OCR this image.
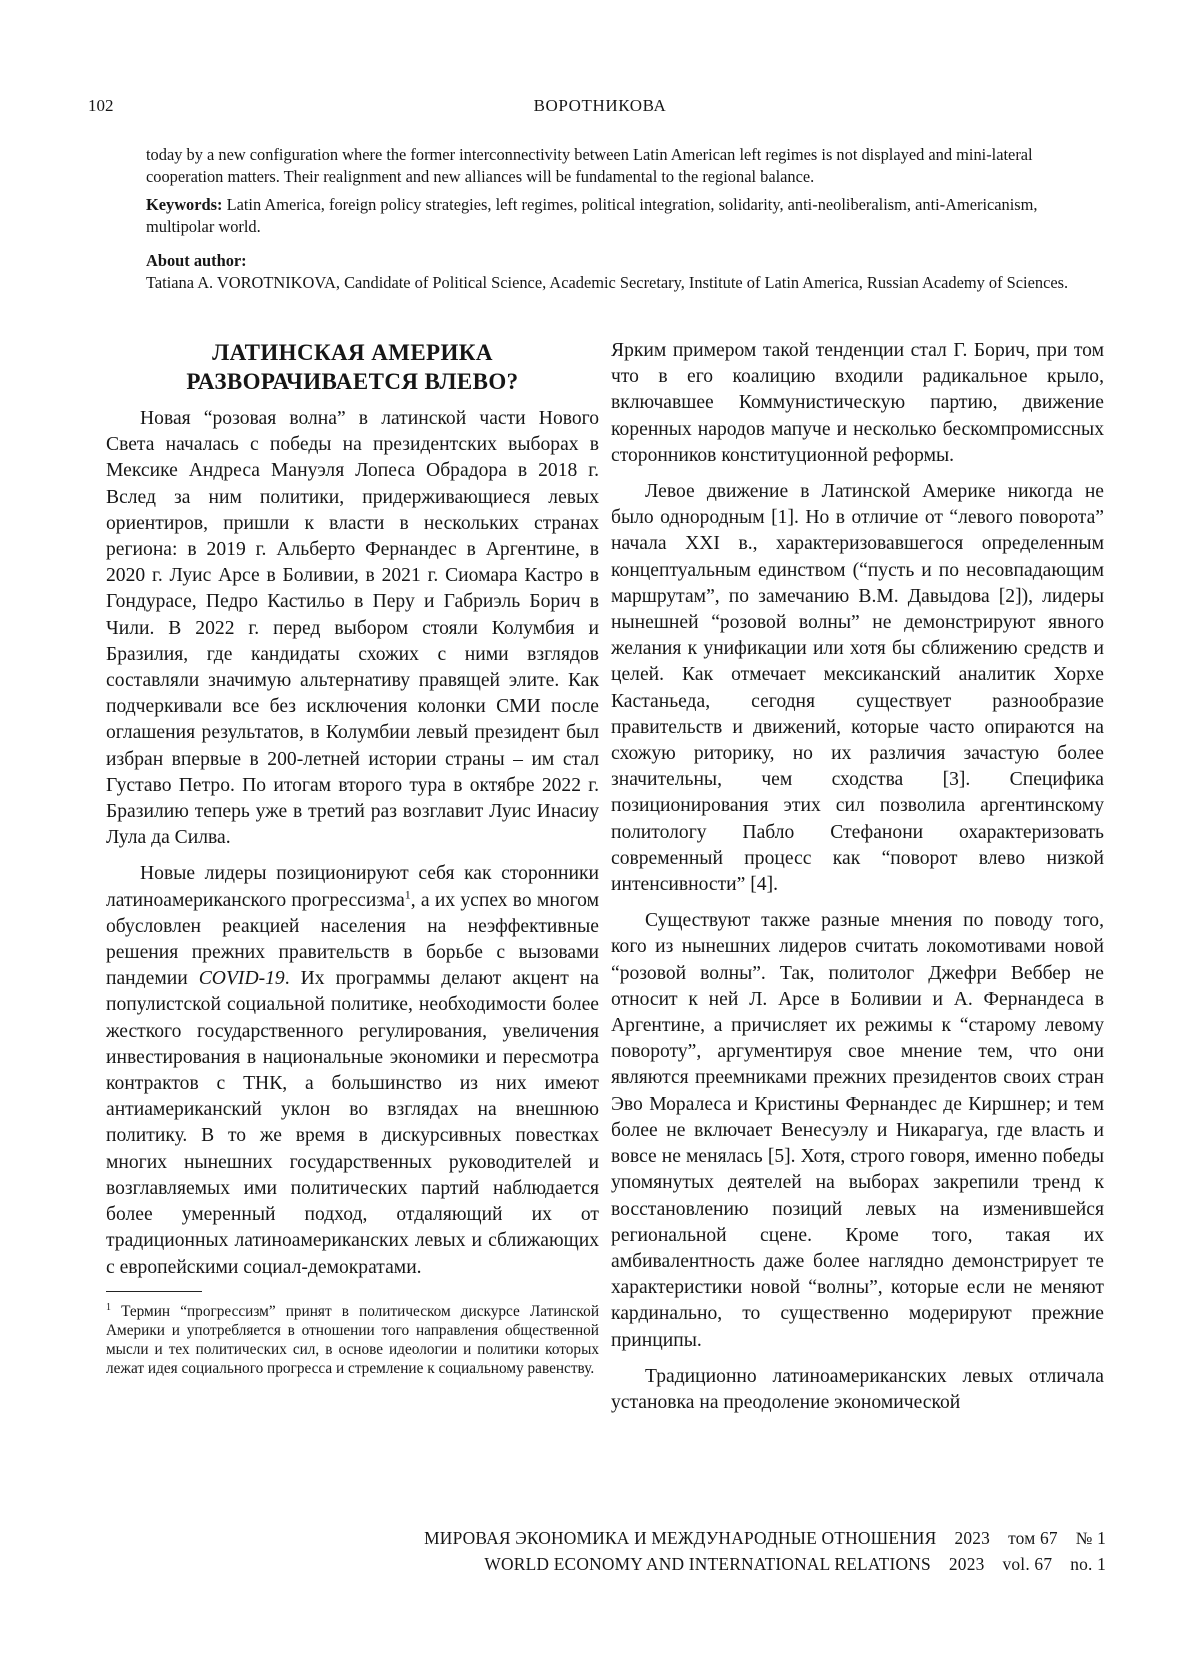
102	ВОРОТНИКОВА

today by a new configuration where the former interconnectivity between Latin American left regimes is not displayed and mini-lateral cooperation matters. Their realignment and new alliances will be fundamental to the regional balance.

Keywords: Latin America, foreign policy strategies, left regimes, political integration, solidarity, anti-neoliberalism, anti-Americanism, multipolar world.

About author:

Tatiana A. VOROTNIKOVA, Candidate of Political Science, Academic Secretary, Institute of Latin America, Russian Academy of Sciences.

ЛАТИНСКАЯ АМЕРИКА
РАЗВОРАЧИВАЕТСЯ ВЛЕВО?

Новая “розовая волна” в латинской части Нового Света началась с победы на президентских выборах в Мексике Андреса Мануэля Лопеса Обрадора в 2018 г. Вслед за ним политики, придерживающиеся левых ориентиров, пришли к власти в нескольких странах региона: в 2019 г. Альберто Фернандес в Аргентине, в 2020 г. Луис Арсе в Боливии, в 2021 г. Сиомара Кастро в Гондурасе, Педро Кастильо в Перу и Габриэль Борич в Чили. В 2022 г. перед выбором стояли Колумбия и Бразилия, где кандидаты схожих с ними взглядов составляли значимую альтернативу правящей элите. Как подчеркивали все без исключения колонки СМИ после оглашения результатов, в Колумбии левый президент был избран впервые в 200-летней истории страны – им стал Густаво Петро. По итогам второго тура в октябре 2022 г. Бразилию теперь уже в третий раз возглавит Луис Инасиу Лула да Силва.

Новые лидеры позиционируют себя как сторонники латиноамериканского прогрессизма$^1$, а их успех во многом обусловлен реакцией населения на неэффективные решения прежних правительств в борьбе с вызовами пандемии COVID-19. Их программы делают акцент на популистской социальной политике, необходимости более жесткого государственного регулирования, увеличения инвестирования в национальные экономики и пересмотра контрактов с ТНК, а большинство из них имеют антиамериканский уклон во взглядах на внешнюю политику. В то же время в дискурсивных повестках многих нынешних государственных руководителей и возглавляемых ими политических партий наблюдается более умеренный подход, отдаляющий их от традиционных латиноамериканских левых и сближающих с европейскими социал-демократами.

$^1$ Термин “прогрессизм” принят в политическом дискурсе Латинской Америки и употребляется в отношении того направления общественной мысли и тех политических сил, в основе идеологии и политики которых лежат идея социального прогресса и стремление к социальному равенству.

Ярким примером такой тенденции стал Г. Борич, при том что в его коалицию входили радикальное крыло, включавшее Коммунистическую партию, движение коренных народов мапуче и несколько бескомпромиссных сторонников конституционной реформы.

Левое движение в Латинской Америке никогда не было однородным [1]. Но в отличие от “левого поворота” начала XXI в., характеризовавшегося определенным концептуальным единством (“пусть и по несовпадающим маршрутам”, по замечанию В.М. Давыдова [2]), лидеры нынешней “розовой волны” не демонстрируют явного желания к унификации или хотя бы сближению средств и целей. Как отмечает мексиканский аналитик Хорхе Кастаньеда, сегодня существует разнообразие правительств и движений, которые часто опираются на схожую риторику, но их различия зачастую более значительны, чем сходства [3]. Специфика позиционирования этих сил позволила аргентинскому политологу Пабло Стефанони охарактеризовать современный процесс как “поворот влево низкой интенсивности” [4].

Существуют также разные мнения по поводу того, кого из нынешних лидеров считать локомотивами новой “розовой волны”. Так, политолог Джефри Веббер не относит к ней Л. Арсе в Боливии и А. Фернандеса в Аргентине, а причисляет их режимы к “старому левому повороту”, аргументируя свое мнение тем, что они являются преемниками прежних президентов своих стран Эво Моралеса и Кристины Фернандес де Киршнер; и тем более не включает Венесуэлу и Никарагуа, где власть и вовсе не менялась [5]. Хотя, строго говоря, именно победы упомянутых деятелей на выборах закрепили тренд к восстановлению позиций левых на изменившейся региональной сцене. Кроме того, такая их амбивалентность даже более наглядно демонстрирует те характеристики новой “волны”, которые если не меняют кардинально, то существенно модерируют прежние принципы.

Традиционно латиноамериканских левых отличала установка на преодоление экономической

МИРОВАЯ ЭКОНОМИКА И МЕЖДУНАРОДНЫЕ ОТНОШЕНИЯ 2023 том 67 № 1
WORLD ECONOMY AND INTERNATIONAL RELATIONS 2023 vol. 67 no. 1
